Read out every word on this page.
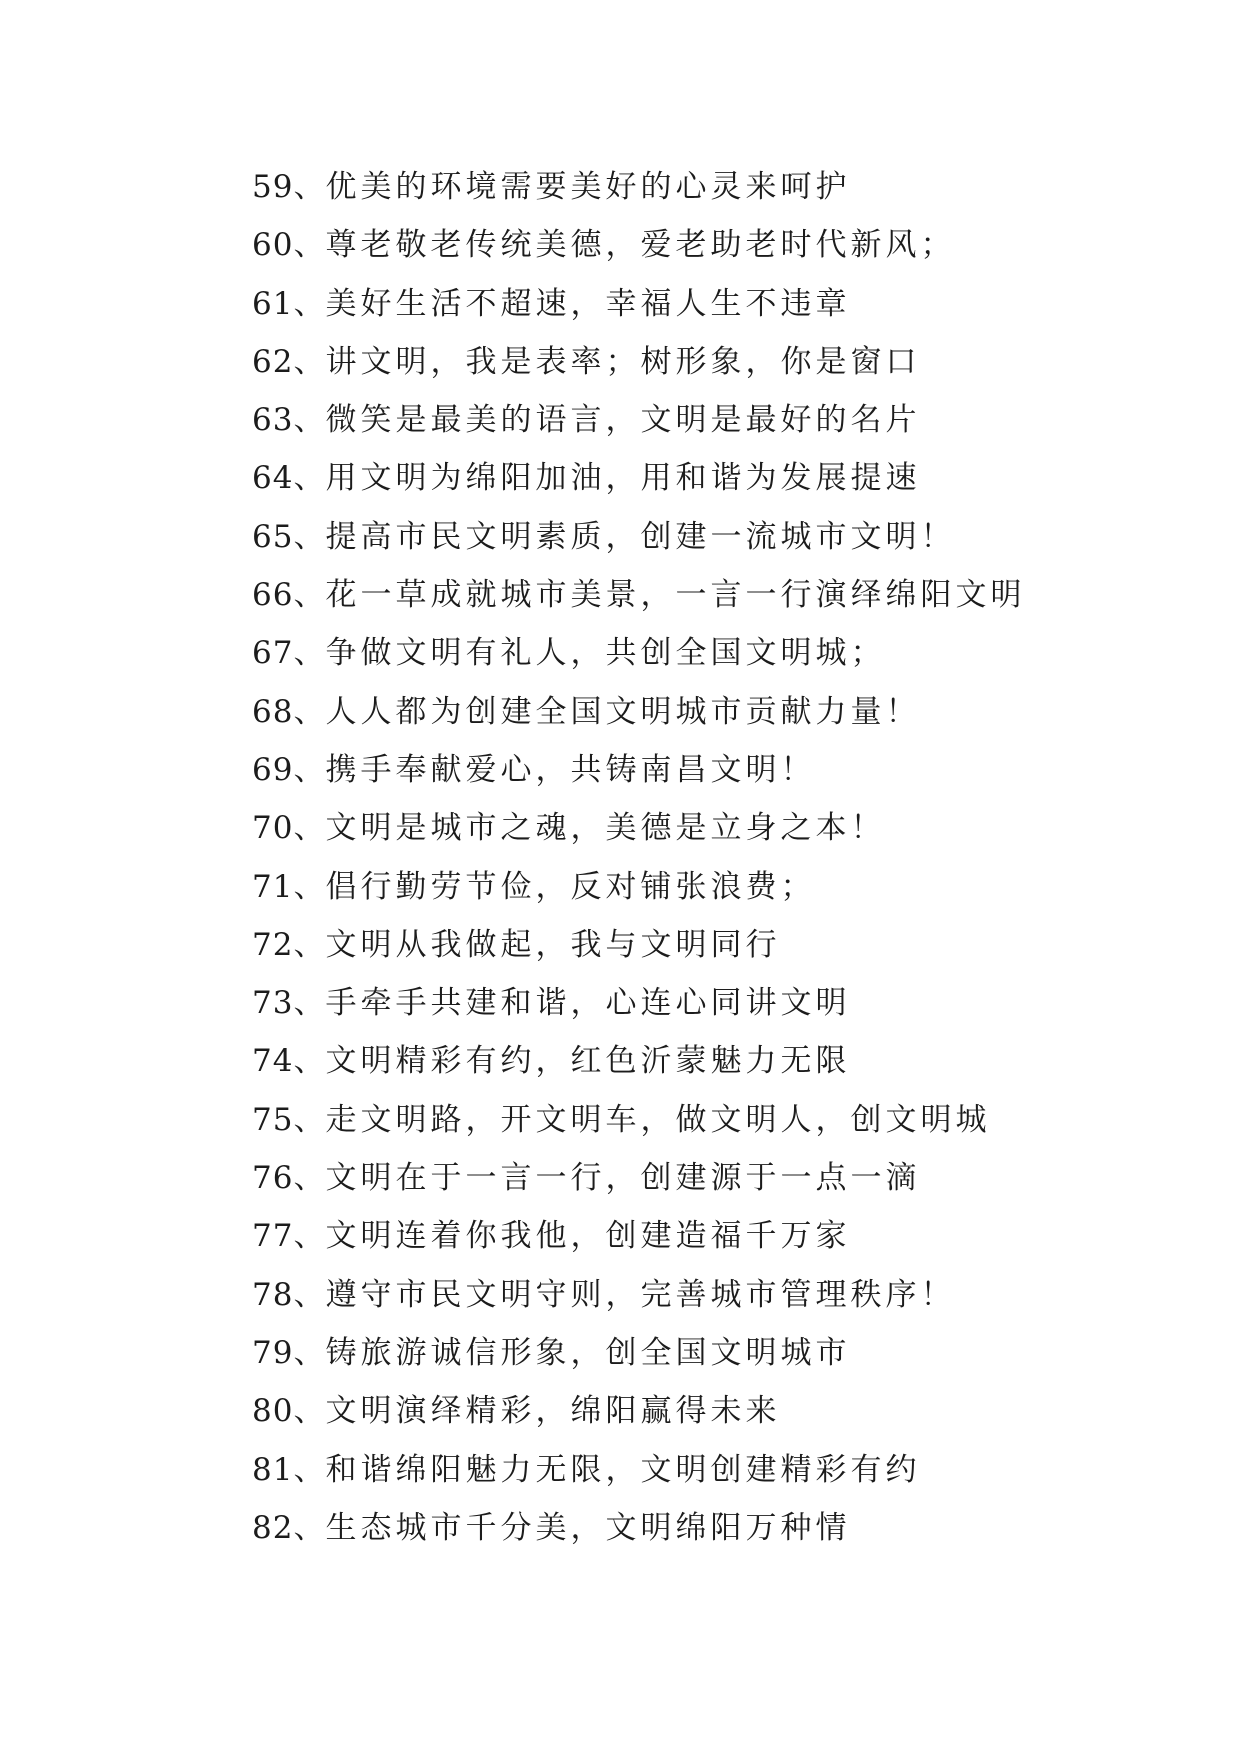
59、优美的环境需要美好的心灵来呵护
60、尊老敬老传统美德，爱老助老时代新风；
61、美好生活不超速，幸福人生不违章
62、讲文明，我是表率；树形象，你是窗口
63、微笑是最美的语言，文明是最好的名片
64、用文明为绵阳加油，用和谐为发展提速
65、提高市民文明素质，创建一流城市文明！
66、花一草成就城市美景，一言一行演绎绵阳文明
67、争做文明有礼人，共创全国文明城；
68、人人都为创建全国文明城市贡献力量！
69、携手奉献爱心，共铸南昌文明！
70、文明是城市之魂，美德是立身之本！
71、倡行勤劳节俭，反对铺张浪费；
72、文明从我做起，我与文明同行
73、手牵手共建和谐，心连心同讲文明
74、文明精彩有约，红色沂蒙魅力无限
75、走文明路，开文明车，做文明人，创文明城
76、文明在于一言一行，创建源于一点一滴
77、文明连着你我他，创建造福千万家
78、遵守市民文明守则，完善城市管理秩序！
79、铸旅游诚信形象，创全国文明城市
80、文明演绎精彩，绵阳赢得未来
81、和谐绵阳魅力无限，文明创建精彩有约
82、生态城市千分美，文明绵阳万种情
